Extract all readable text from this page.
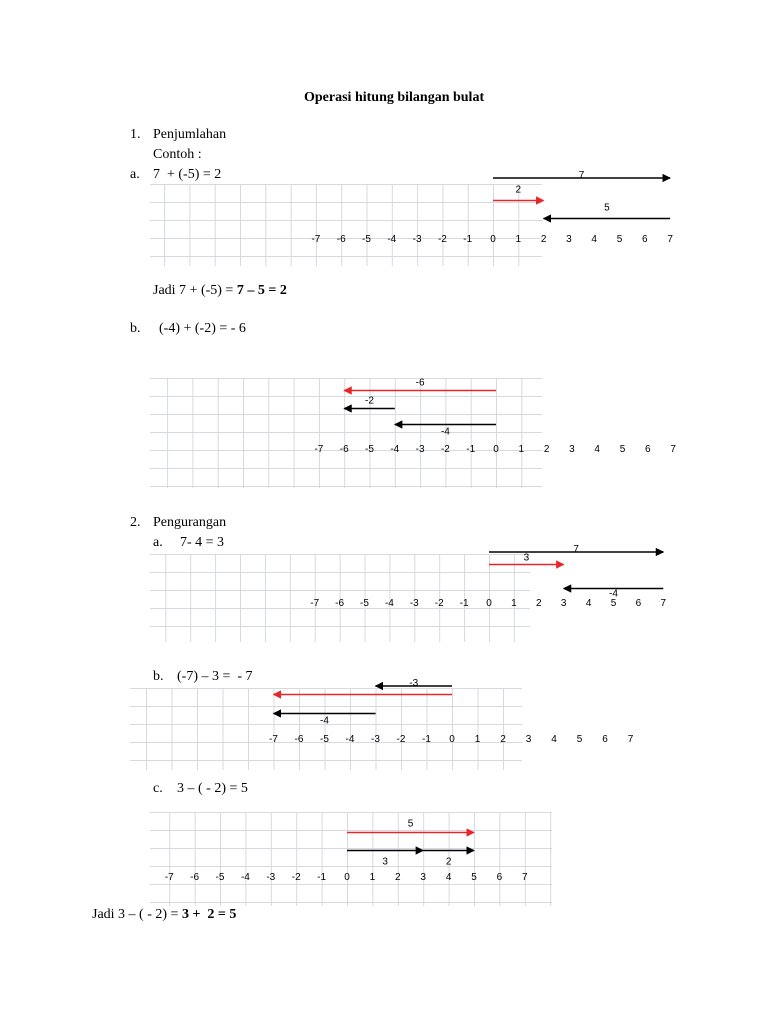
Operasi hitung bilangan bulat
1. Penjumlahan
Contoh :
a. 7  + (-5) = 2
2
5
7
-7 -6 -5 -4 -3 -2 -1 0 1 2 3 4 5 6 7
Jadi 7 + (-5) = 7 – 5 = 2
b. (-4) + (-2) = - 6
-6
-2
-4
-7 -6 -5 -4 -3 -2 -1 0 1 2 3 4 5 6 7
2. Pengurangan
a. 7- 4 = 3
3
-4
7
-7 -6 -5 -4 -3 -2 -1 0 1 2 3 4 5 6 7
b. (-7) – 3 =  - 7
-4
-3
-7 -6 -5 -4 -3 -2 -1 0 1 2 3 4 5 6 7
c. 3 – ( - 2) = 5
5
3	2
-7 -6 -5 -4 -3 -2 -1 0 1 2 3 4 5 6 7
Jadi 3 – ( - 2) = 3 +  2 = 5
